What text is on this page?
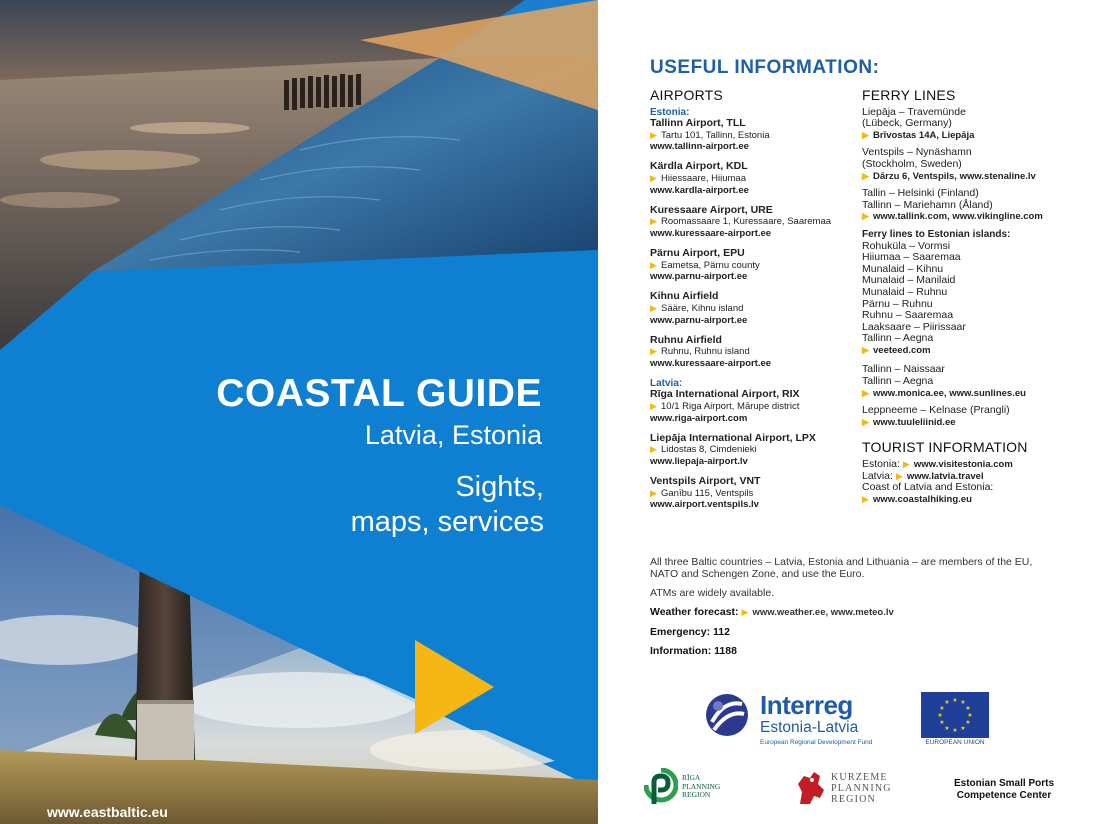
COASTAL GUIDE
Latvia, Estonia
Sights,
maps, services
www.eastbaltic.eu
USEFUL INFORMATION:
AIRPORTS
Estonia:
Tallinn Airport, TLL
▶ Tartu 101, Tallinn, Estonia
www.tallinn-airport.ee
Kärdla Airport, KDL
▶ Hiiessaare, Hiiumaa
www.kardla-airport.ee
Kuressaare Airport, URE
▶ Roomassaare 1, Kuressaare, Saaremaa
www.kuressaare-airport.ee
Pärnu Airport, EPU
▶ Eametsa, Pärnu county
www.parnu-airport.ee
Kihnu Airfield
▶ Sääre, Kihnu island
www.parnu-airport.ee
Ruhnu Airfield
▶ Ruhnu, Ruhnu island
www.kuressaare-airport.ee
Latvia:
Rīga International Airport, RIX
▶ 10/1 Riga Airport, Mārupe district
www.riga-airport.com
Liepāja International Airport, LPX
▶ Lidostas 8, Cimdenieki
www.liepaja-airport.lv
Ventspils Airport, VNT
▶ Ganību 115, Ventspils
www.airport.ventspils.lv
FERRY LINES
Liepāja – Travemünde
(Lübeck, Germany)
▶ Brīvostas 14A, Liepāja
Ventspils – Nynäshamn
(Stockholm, Sweden)
▶ Dārzu 6, Ventspils, www.stenaline.lv
Tallin – Helsinki (Finland)
Tallinn – Mariehamn (Åland)
▶ www.tallink.com, www.vikingline.com
Ferry lines to Estonian islands:
Rohuküla – Vormsi
Hiiumaa – Saaremaa
Munalaid – Kihnu
Munalaid – Manilaid
Munalaid – Ruhnu
Pärnu – Ruhnu
Ruhnu – Saaremaa
Laaksaare – Piirissaar
Tallinn – Aegna
▶ veeteed.com
Tallinn – Naissaar
Tallinn – Aegna
▶ www.monica.ee, www.sunlines.eu
Leppneeme – Kelnase (Prangli)
▶ www.tuuleliinid.ee
TOURIST INFORMATION
Estonia: ▶ www.visitestonia.com
Latvia: ▶ www.latvia.travel
Coast of Latvia and Estonia:
▶ www.coastalhiking.eu

All three Baltic countries – Latvia, Estonia and Lithuania – are members of the EU, NATO and Schengen Zone, and use the Euro.

ATMs are widely available.

Weather forecast: ▶ www.weather.ee, www.meteo.lv

Emergency: 112

Information: 1188

Interreg
Estonia-Latvia
European Regional Development Fund
★ ★
★
★
★
★
★
★
★
★
★
★
EUROPEAN UNION
RĪGA
PLANNING
REGION
KURZEME
PLANNING
REGION
Estonian Small Ports Competence Center
